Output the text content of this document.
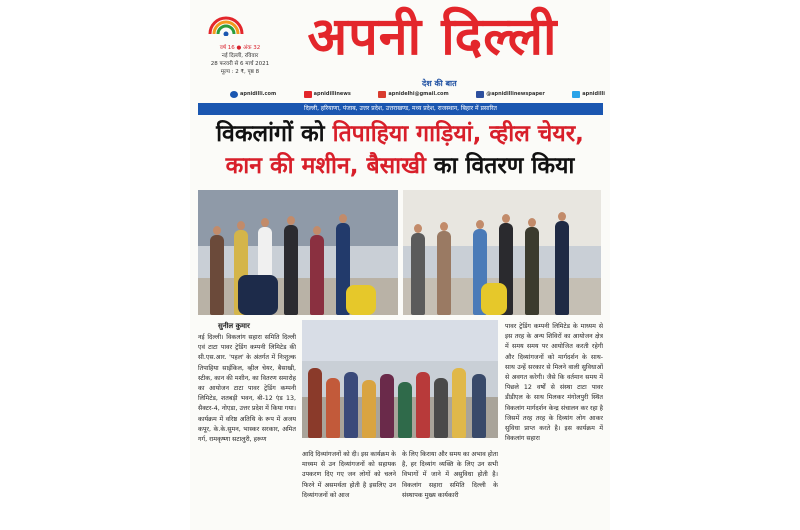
वर्ष 16 ● अंक 32
नई दिल्ली, रविवार
28 फरवरी से 6 मार्च 2021
मूल्य : 2 ₹, पृष्ठ 8
अपनी दिल्ली
देश की बात
apnidilli.com	apnidillinews	apnidelhi@gmail.com	@apnidillinewspaper	apnidilli
दिल्ली, हरियाणा, पंजाब, उत्तर प्रदेश, उत्तराखण्ड, मध्य प्रदेश, राजस्थान, बिहार में प्रसारित
विकलांगों को तिपाहिया गाड़ियां, व्हील चेयर,
कान की मशीन, बैसाखी का वितरण किया
सुनील कुमार
नई दिल्ली। विकलांग सहारा समिति दिल्ली एवं टाटा पावर ट्रेडिंग कम्पनी लिमिटेड की सी.एस.आर. 'पहल' के अंतर्गत में निःशुल्क तिपाहिया साईकिल, व्हील चेयर, बैसाखी, स्टीक, कान की मशीन, का वितरण समारोह का आयोजन टाटा पावर ट्रेडिंग कम्पनी लिमिटेड, शतबड़ी भवन, बी-12 एंड 13, सैक्टर-4, नोएडा, उत्तर प्रदेश में किया गया। कार्यक्रम में वरिष्ठ अतिथि के रूप में अजय कपूर, के.के.सुमन, भास्कर सरकार, अमित गर्ग, रामकृष्णा सटालुरी, हरूण
आदि दिव्यांगजनों को दी। इस कार्यक्रम के माध्यम से उन दिव्यांगजनों को सहायक उपकरण दिए गए जन लोगों को चलने फिरने में असमर्थता होती है इसलिए उन दिव्यांगजनों को आज
के लिए किराया और समय का अभाव होता है, हर दिव्यांग व्यक्ति के लिए उन सभी विभागों में जाने में असुविधा होती है। विकलांग सहारा समिति दिल्ली के संस्थापक मुख्य कार्यकारी
पावर ट्रेडिंग कम्पनी लिमिटेड के माध्यम से इस तरह के अन्य शिविरों का आयोजन क्षेत्र में समय समय पर आयोजित करती रहेगी और दिव्यांगजनों को मार्गदर्शन के साथ-साथ उन्हें सरकार से मिलने वाली सुविधाओं से अवगत करेगी। जैसे कि वर्तमान समय में पिछले 12 वर्षों से संस्था टाटा पावर डीडीएल के साथ मिलकर मंगोलपुरी स्थित विकलांग मार्गदर्शन केन्द्र संचालन कर रहा है जिसमें तरह तरह के दिव्यांग लोग आकर सुविधा प्राप्त करते है। इस कार्यक्रम में विकलांग सहारा
